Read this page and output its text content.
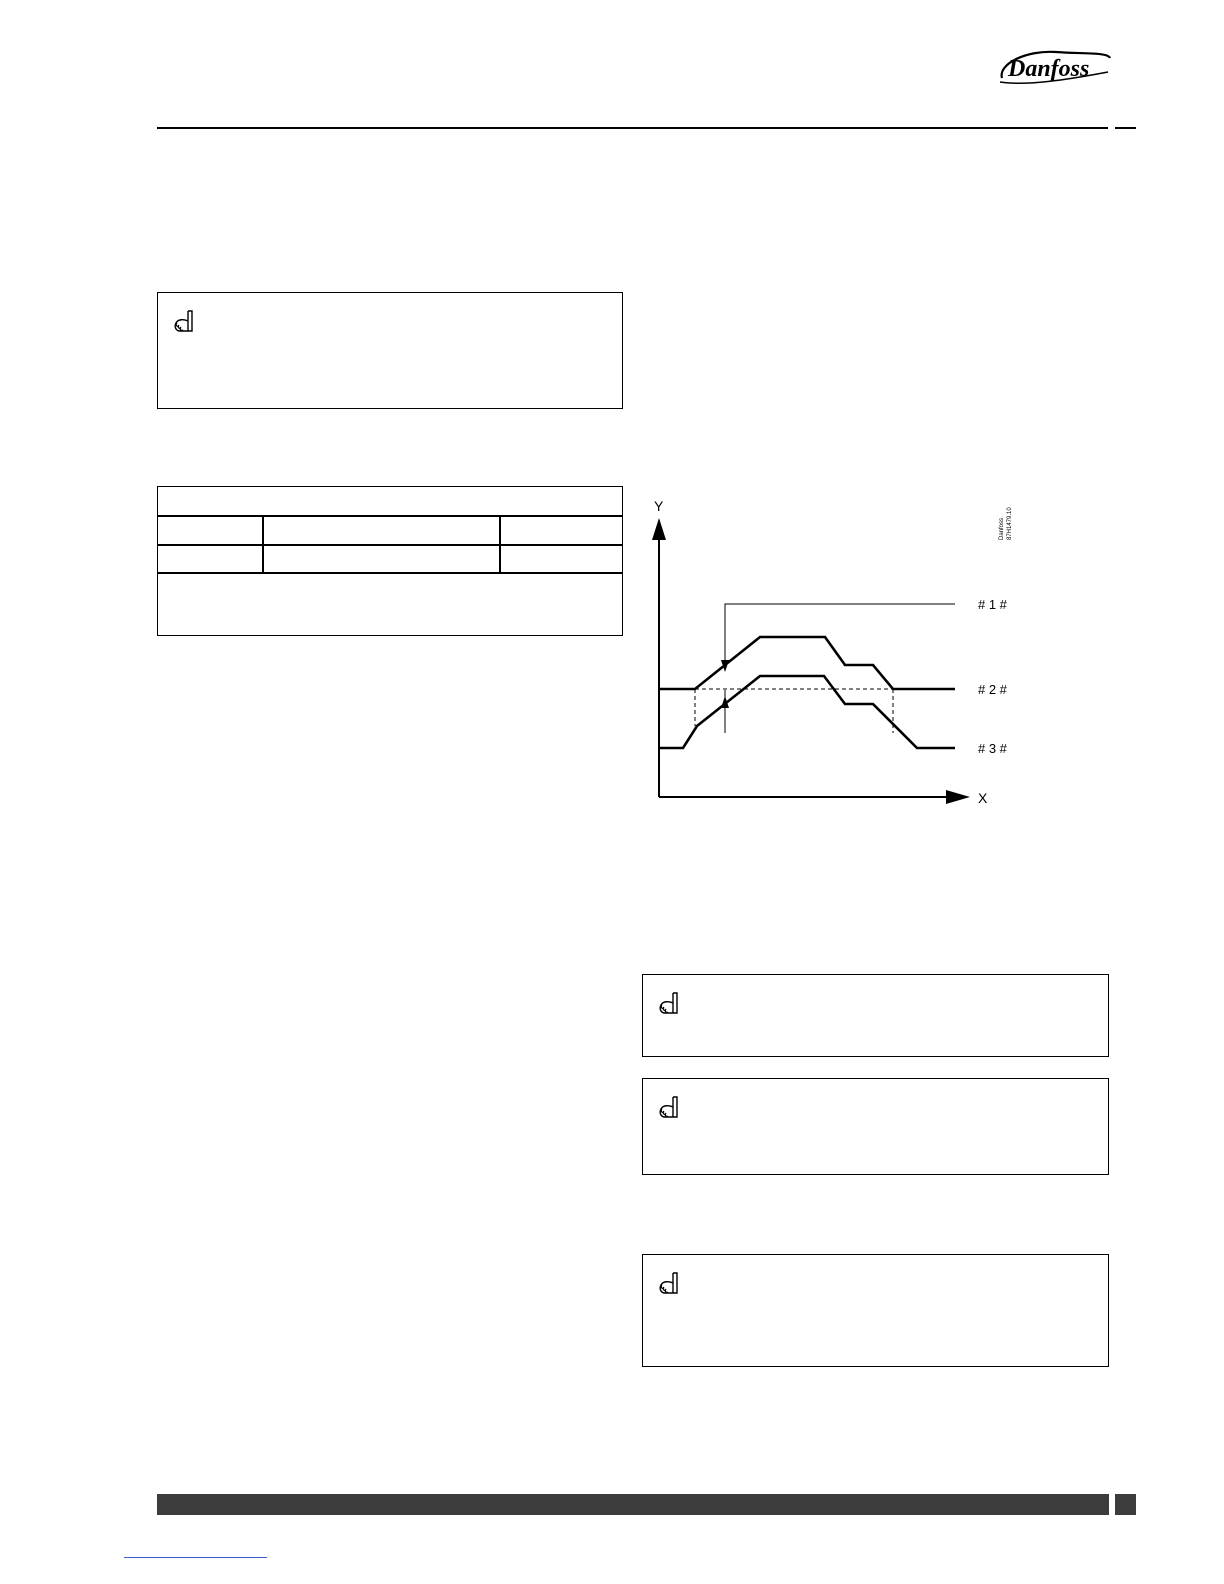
Danfoss
Y
X
# 1 #
# 2 #
# 3 #
Danfoss 87H1479.10
